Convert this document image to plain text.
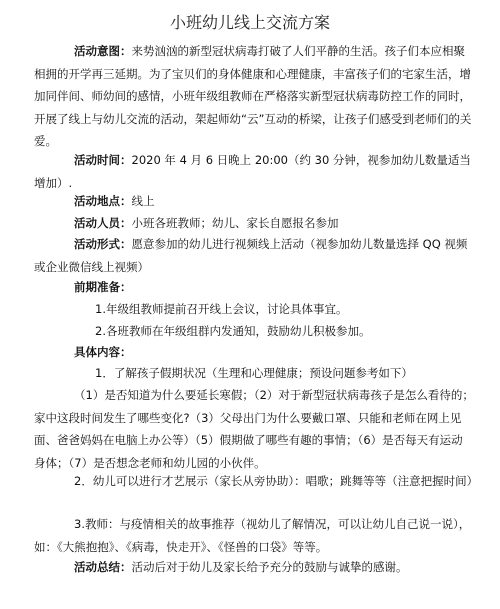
小班幼儿线上交流方案

活动意图：来势汹汹的新型冠状病毒打破了人们平静的生活。孩子们本应相聚相拥的开学再三延期。为了宝贝们的身体健康和心理健康，丰富孩子们的宅家生活，增加同伴间、师幼间的感情，小班年级组教师在严格落实新型冠状病毒防控工作的同时，开展了线上与幼儿交流的活动，架起师幼“云”互动的桥梁，让孩子们感受到老师们的关爱。

活动时间：2020 年 4 月 6 日晚上 20:00（约 30 分钟，视参加幼儿数量适当增加）.

活动地点：线上

活动人员：小班各班教师；幼儿、家长自愿报名参加

活动形式：愿意参加的幼儿进行视频线上活动（视参加幼儿数量选择 QQ 视频或企业微信线上视频）

前期准备：

1.年级组教师提前召开线上会议，讨论具体事宜。

2.各班教师在年级组群内发通知，鼓励幼儿积极参加。

具体内容：

1．了解孩子假期状况（生理和心理健康；预设问题参考如下）

（1）是否知道为什么要延长寒假；（2）对于新型冠状病毒孩子是怎么看待的；家中这段时间发生了哪些变化?（3）父母出门为什么要戴口罩、只能和老师在网上见面、爸爸妈妈在电脑上办公等）（5）假期做了哪些有趣的事情；（6）是否每天有运动身体；（7）是否想念老师和幼儿园的小伙伴。

2．幼儿可以进行才艺展示（家长从旁协助）：唱歌；跳舞等等（注意把握时间）

3.教师：与疫情相关的故事推荐（视幼儿了解情况，可以让幼儿自己说一说），如：《大熊抱抱》、《病毒，快走开》、《怪兽的口袋》等等。

活动总结：活动后对于幼儿及家长给予充分的鼓励与诚挚的感谢。
